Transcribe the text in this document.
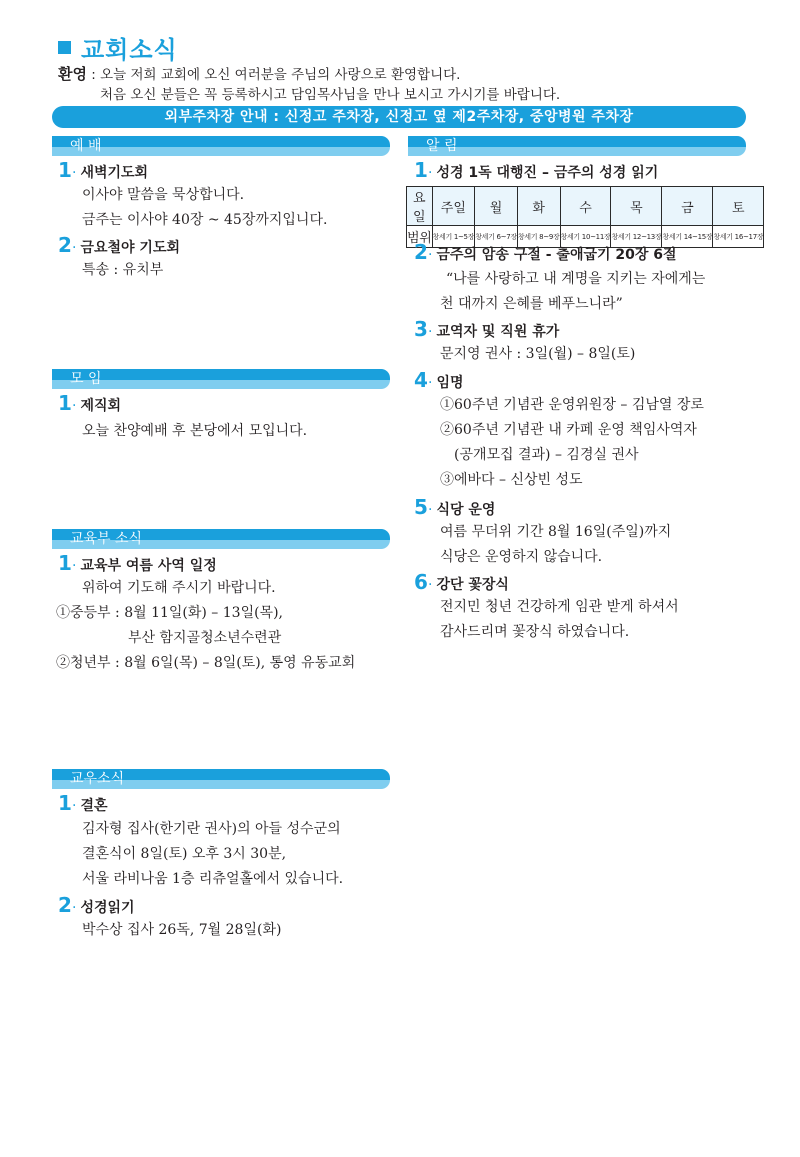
교회소식
환영 : 오늘 저희 교회에 오신 여러분을 주님의 사랑으로 환영합니다.
처음 오신 분들은 꼭 등록하시고 담임목사님을 만나 보시고 가시기를 바랍니다.
외부주차장 안내 : 신정고 주차장, 신정고 옆 제2주차장, 중앙병원 주차장
예 배
1 · 새벽기도회
이사야 말씀을 묵상합니다.
금주는 이사야 40장 ~ 45장까지입니다.
2 · 금요철야 기도회
특송 : 유치부
모 임
1 · 제직회
오늘 찬양예배 후 본당에서 모입니다.
교육부 소식
1 · 교육부 여름 사역 일정
위하여 기도해 주시기 바랍니다.
①중등부 : 8월 11일(화) – 13일(목),
부산 함지골청소년수련관
②청년부 : 8월 6일(목) – 8일(토), 통영 유동교회
교우소식
1 · 결혼
김자형 집사(한기란 권사)의 아들 성수군의
결혼식이 8일(토) 오후 3시 30분,
서울 라비나움 1층 리츄얼홀에서 있습니다.
2 · 성경읽기
박수상 집사 26독, 7월 28일(화)
알 림
1 · 성경 1독 대행진 – 금주의 성경 읽기
요일	주일	월	화	수	목	금	토
범위	창세기 1~5장	창세기 6~7장	창세기 8~9장	창세기 10~11장	창세기 12~13장	창세기 14~15장	창세기 16~17장
2 · 금주의 암송 구절 - 출애굽기 20장 6절
“나를 사랑하고 내 계명을 지키는 자에게는
천 대까지 은혜를 베푸느니라”
3 · 교역자 및 직원 휴가
문지영 권사 : 3일(월) – 8일(토)
4 · 임명
①60주년 기념관 운영위원장 – 김남열 장로
②60주년 기념관 내 카페 운영 책임사역자
(공개모집 결과) – 김경실 권사
③에바다 – 신상빈 성도
5 · 식당 운영
여름 무더위 기간 8월 16일(주일)까지
식당은 운영하지 않습니다.
6 · 강단 꽃장식
전지민 청년 건강하게 임관 받게 하셔서
감사드리며 꽃장식 하였습니다.
